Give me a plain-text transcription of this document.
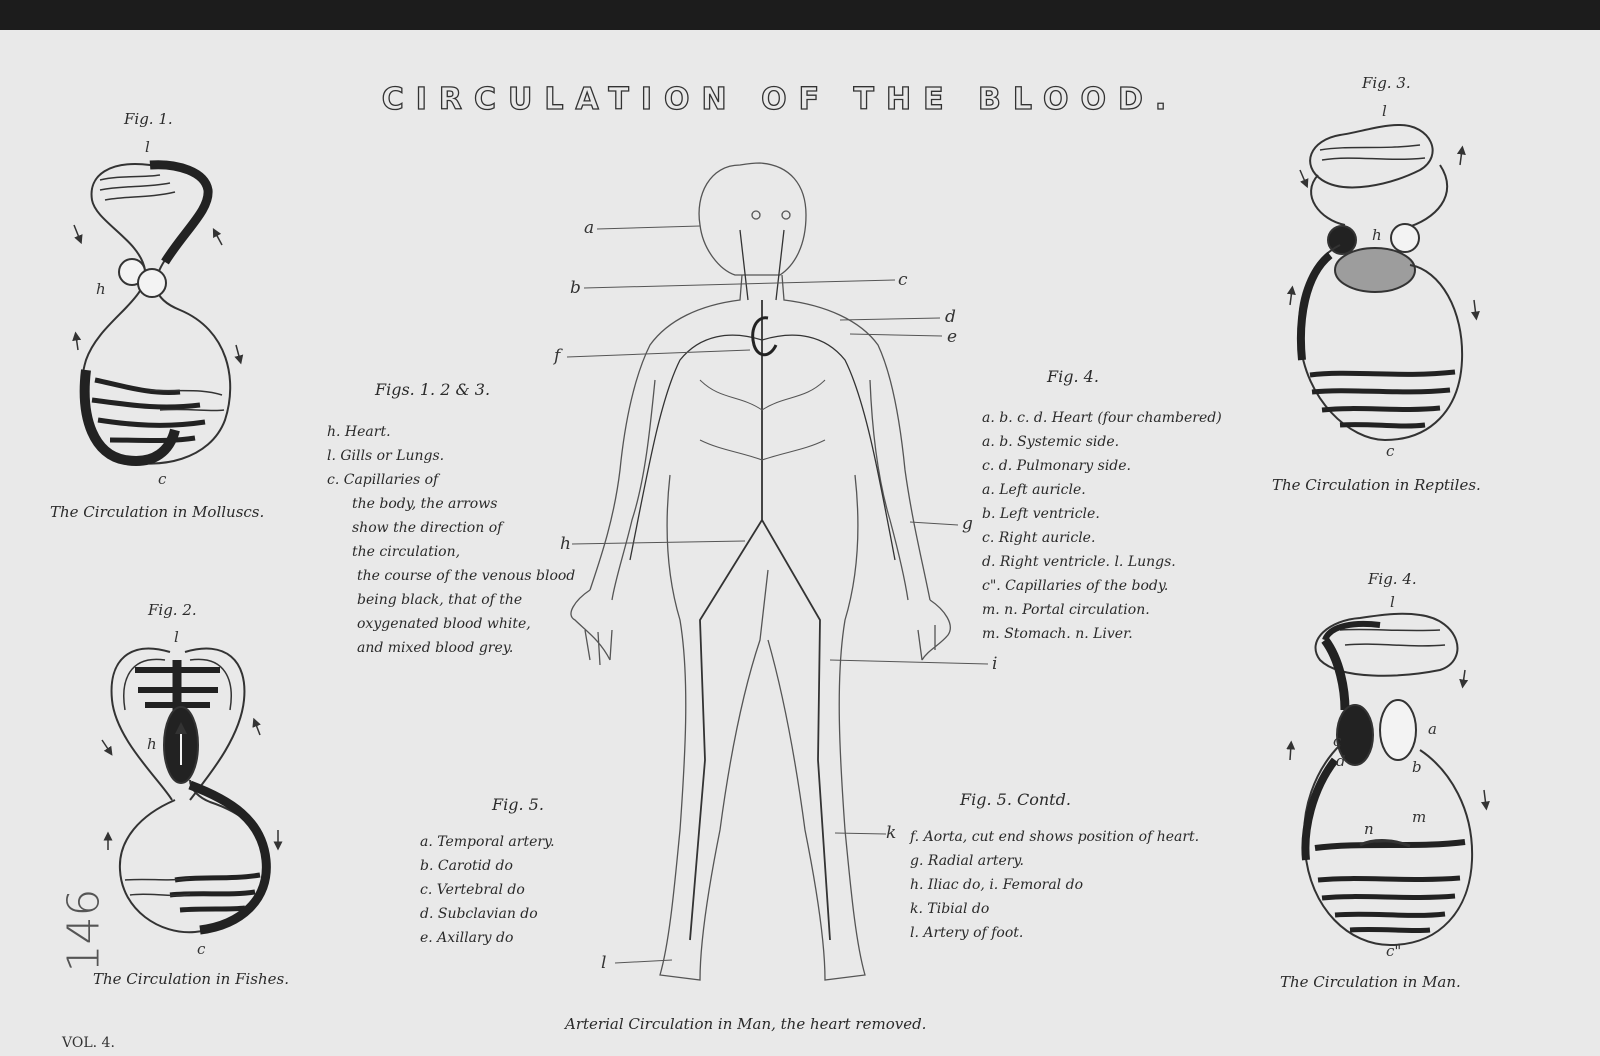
CIRCULATION OF THE BLOOD.
Fig. 1.
l
h
c
The Circulation in Molluscs.
Fig. 2.
l
h
c
The Circulation in Fishes.
Fig. 3.
l
h
c
The Circulation in Reptiles.
Fig. 4.
l
a
c
d	b
n
m
c"
The Circulation in Man.
Figs. 1. 2 & 3.
h. Heart.
l. Gills or Lungs.
c. Capillaries of
the body, the arrows
show the direction of
the circulation,
the course of the venous blood
being black, that of the
oxygenated blood white,
and mixed blood grey.
Fig. 4.
a. b. c. d. Heart (four chambered)
a. b. Systemic side.
c. d. Pulmonary side.
a. Left auricle.
b. Left ventricle.
c. Right auricle.
d. Right ventricle. l. Lungs.
c". Capillaries of the body.
m. n. Portal circulation.
m. Stomach. n. Liver.
Fig. 5.
a. Temporal artery.
b. Carotid do
c. Vertebral do
d. Subclavian do
e. Axillary do
Fig. 5. Contd.
f. Aorta, cut end shows position of heart.
g. Radial artery.
h. Iliac do, i. Femoral do
k. Tibial do
l. Artery of foot.
a
b	c
d
e
f
g
h
i
k
l
Arterial Circulation in Man, the heart removed.
VOL. 4.
146
